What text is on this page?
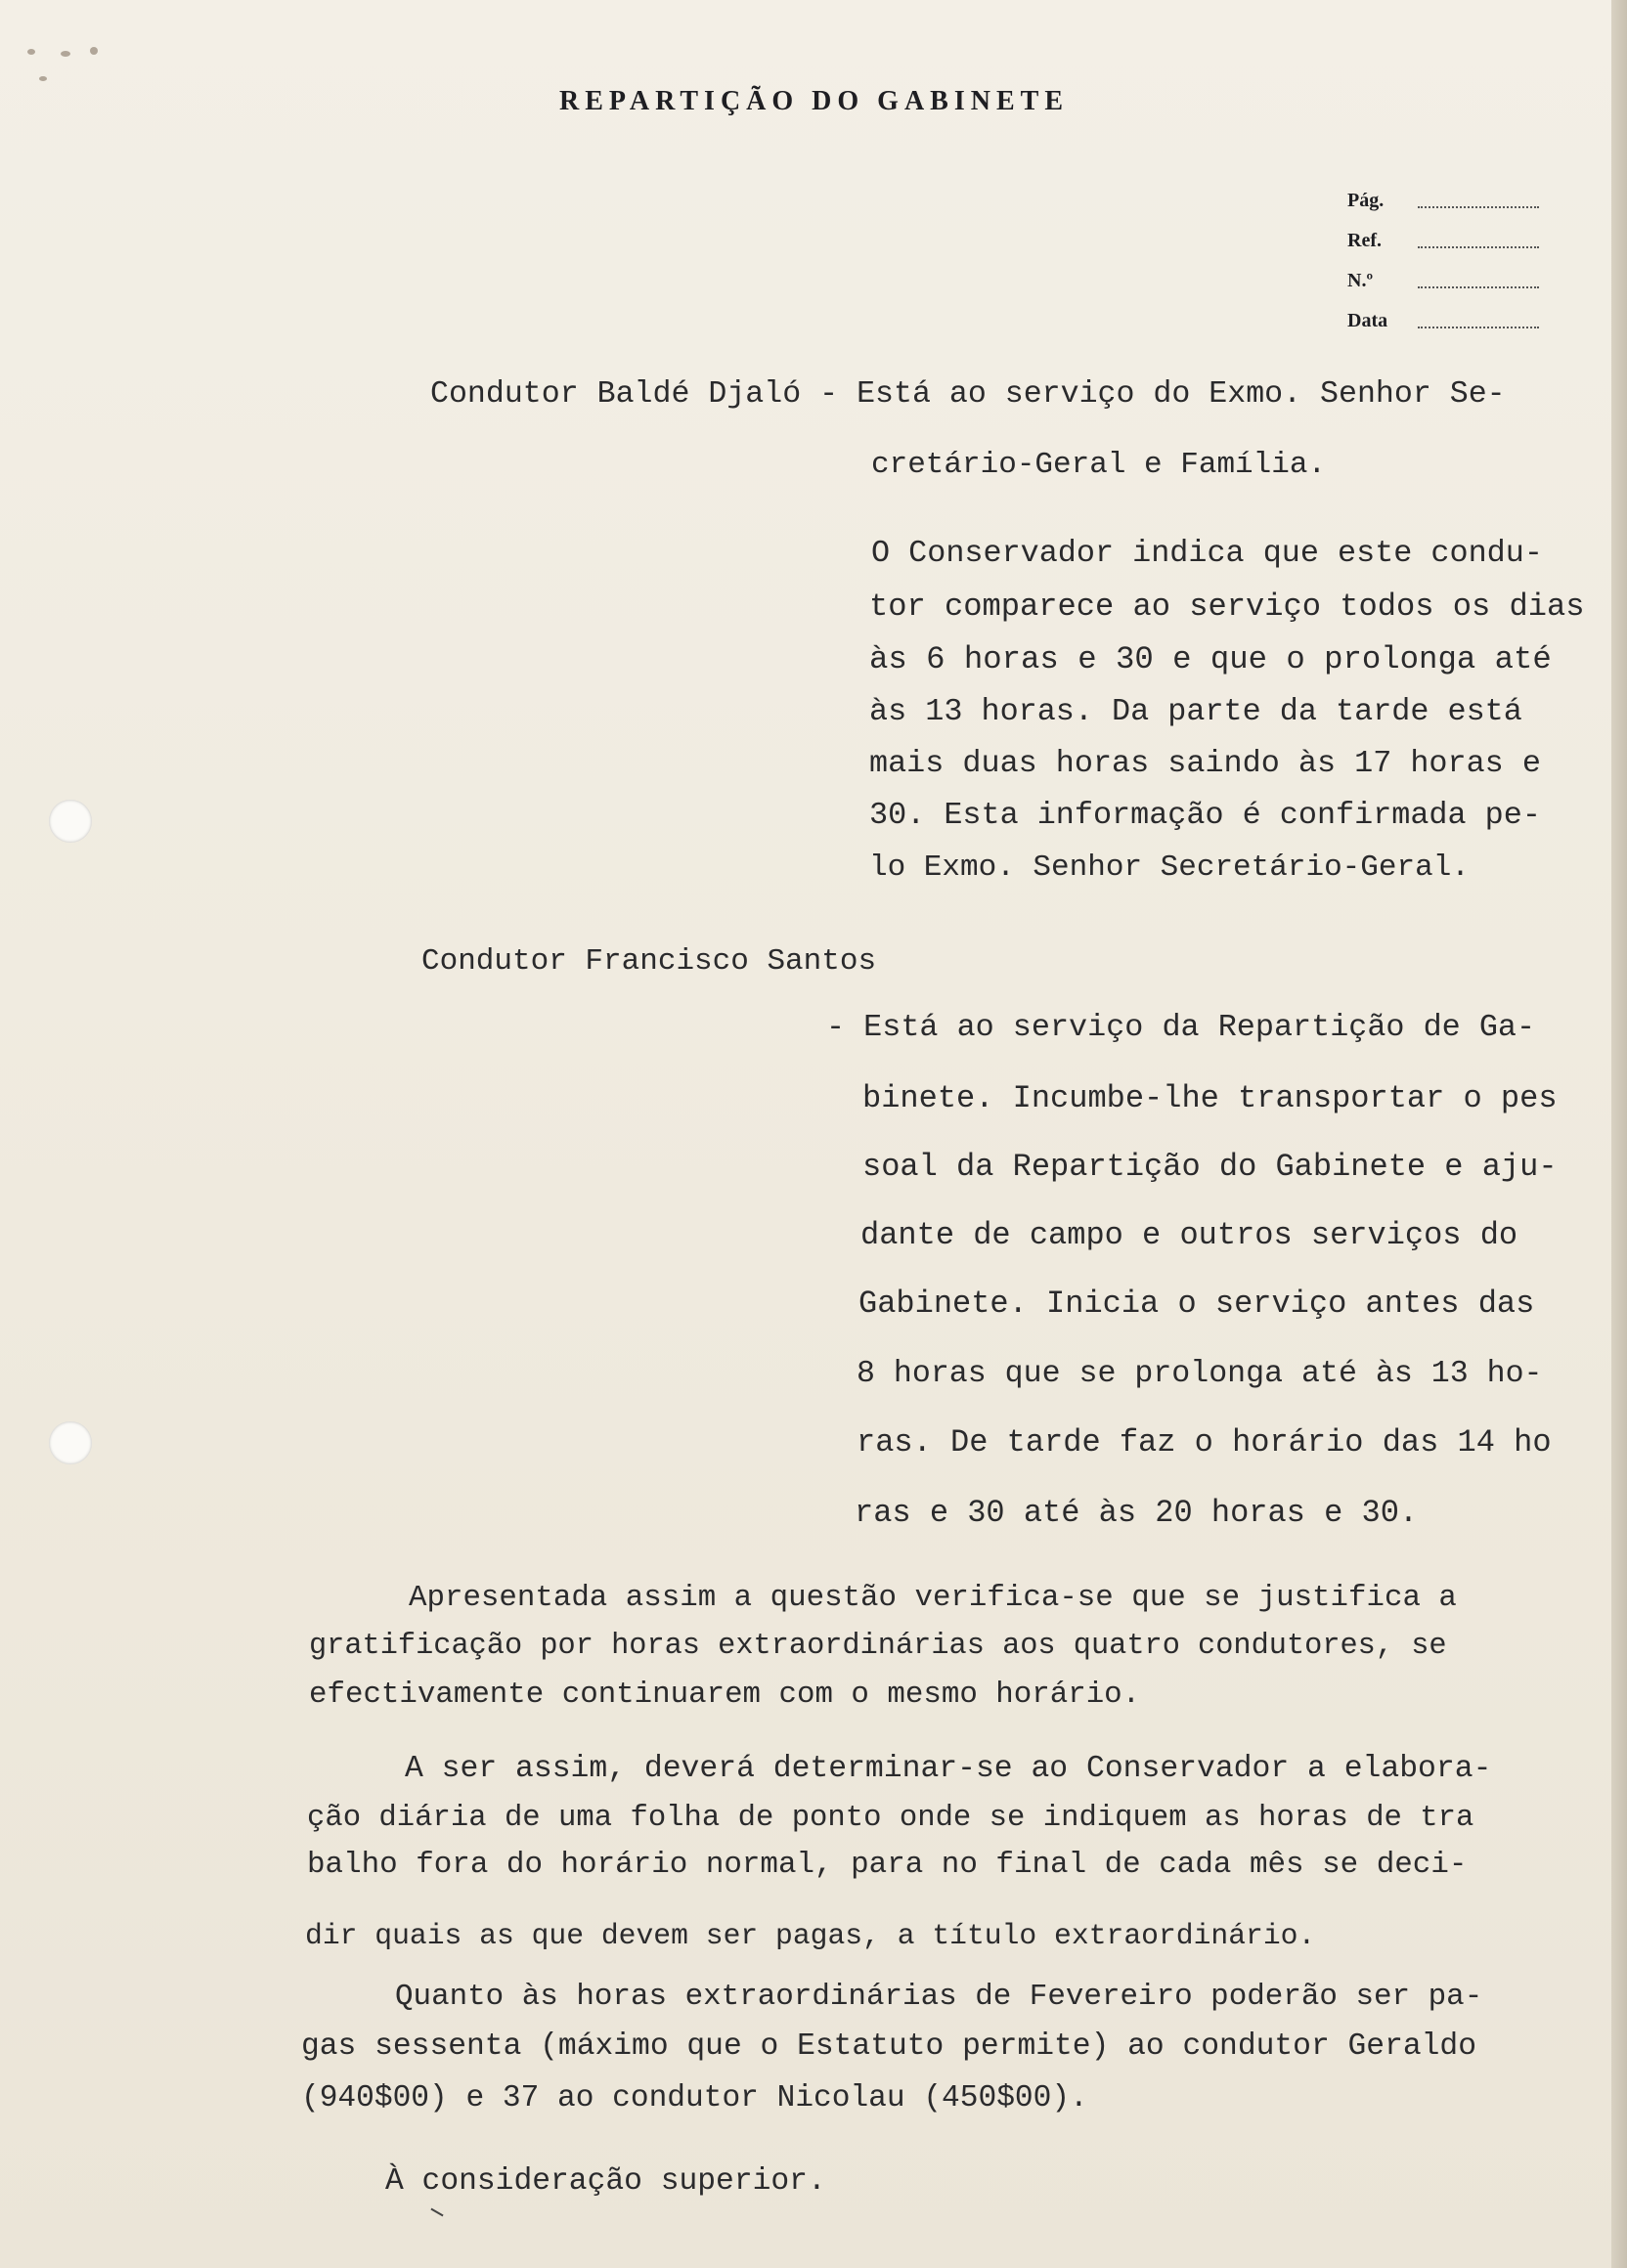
REPARTIÇÃO DO GABINETE
Pág.
Ref.
N.º
Data
Condutor Baldé Djaló - Está ao serviço do Exmo. Senhor Se-
cretário-Geral e Família.
O Conservador indica que este condu-
tor comparece ao serviço todos os dias
às 6 horas e 30 e que o prolonga até
às 13 horas. Da parte da tarde está
mais duas horas saindo às 17 horas e
30. Esta informação é confirmada pe-
lo Exmo. Senhor Secretário-Geral.
Condutor Francisco Santos
- Está ao serviço da Repartição de Ga-
binete. Incumbe-lhe transportar o pes
soal da Repartição do Gabinete e aju-
dante de campo e outros serviços do
Gabinete. Inicia o serviço antes das
8 horas que se prolonga até às 13 ho-
ras. De tarde faz o horário das 14 ho
ras e 30 até às 20 horas e 30.
Apresentada assim a questão verifica-se que se justifica a
gratificação por horas extraordinárias aos quatro condutores, se
efectivamente continuarem com o mesmo horário.
A ser assim, deverá determinar-se ao Conservador a elabora-
ção diária de uma folha de ponto onde se indiquem as horas de tra
balho fora do horário normal, para no final de cada mês se deci-
dir quais as que devem ser pagas, a título extraordinário.
Quanto às horas extraordinárias de Fevereiro poderão ser pa-
gas sessenta (máximo que o Estatuto permite) ao condutor Geraldo
(940$00) e 37 ao condutor Nicolau (450$00).
À consideração superior.
